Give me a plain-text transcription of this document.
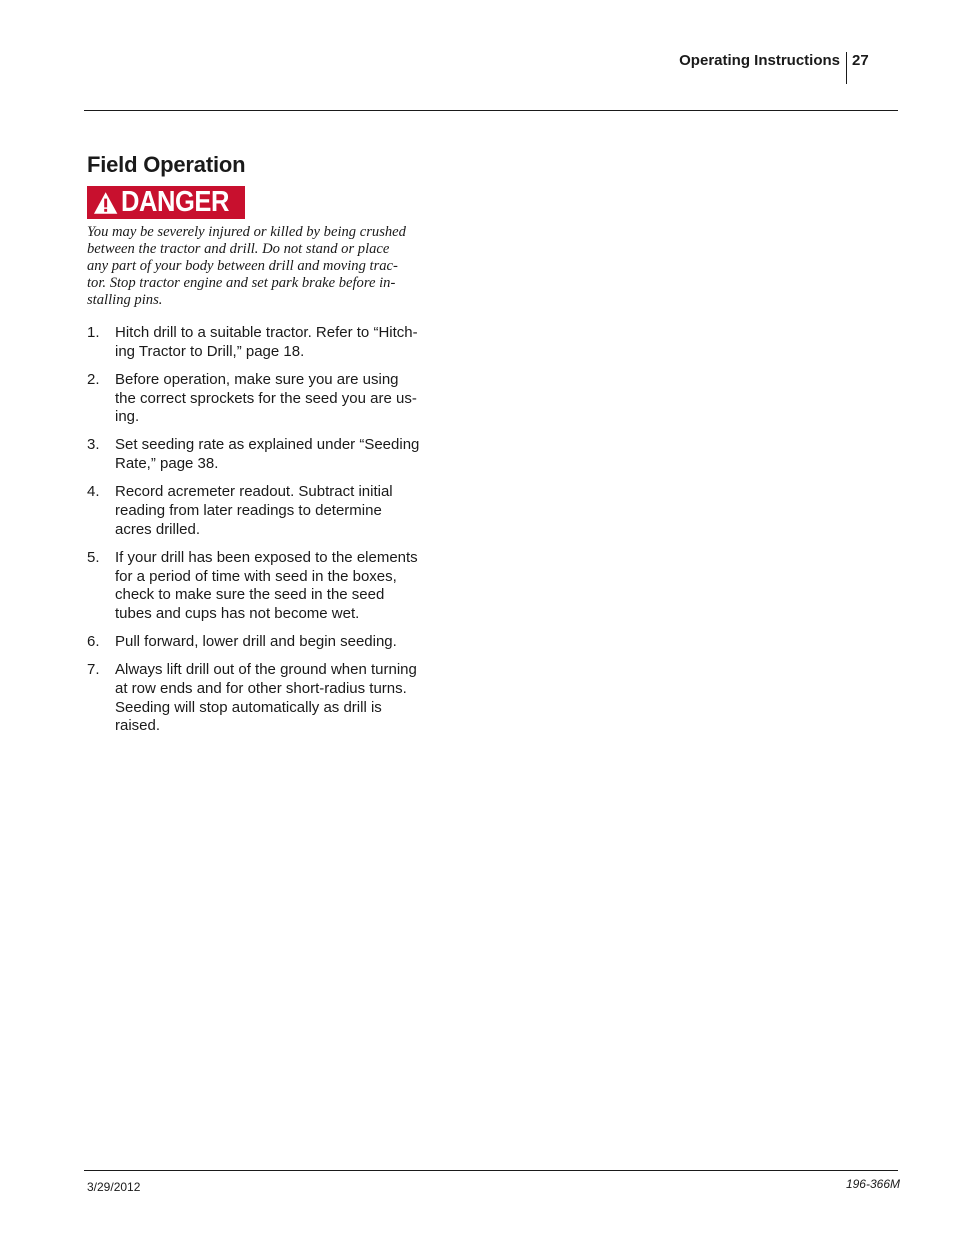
Operating Instructions 27
Field Operation
DANGER
You may be severely injured or killed by being crushed
between the tractor and drill. Do not stand or place
any part of your body between drill and moving trac-
tor. Stop tractor engine and set park brake before in-
stalling pins.
1.	Hitch drill to a suitable tractor. Refer to “Hitch-
ing Tractor to Drill,” page 18.
2.	Before operation, make sure you are using
the correct sprockets for the seed you are us-
ing.
3.	Set seeding rate as explained under “Seeding
Rate,” page 38.
4.	Record acremeter readout. Subtract initial
reading from later readings to determine
acres drilled.
5.	If your drill has been exposed to the elements
for a period of time with seed in the boxes,
check to make sure the seed in the seed
tubes and cups has not become wet.
6.	Pull forward, lower drill and begin seeding.
7.	Always lift drill out of the ground when turning
at row ends and for other short-radius turns.
Seeding will stop automatically as drill is
raised.
3/29/2012	196-366M
